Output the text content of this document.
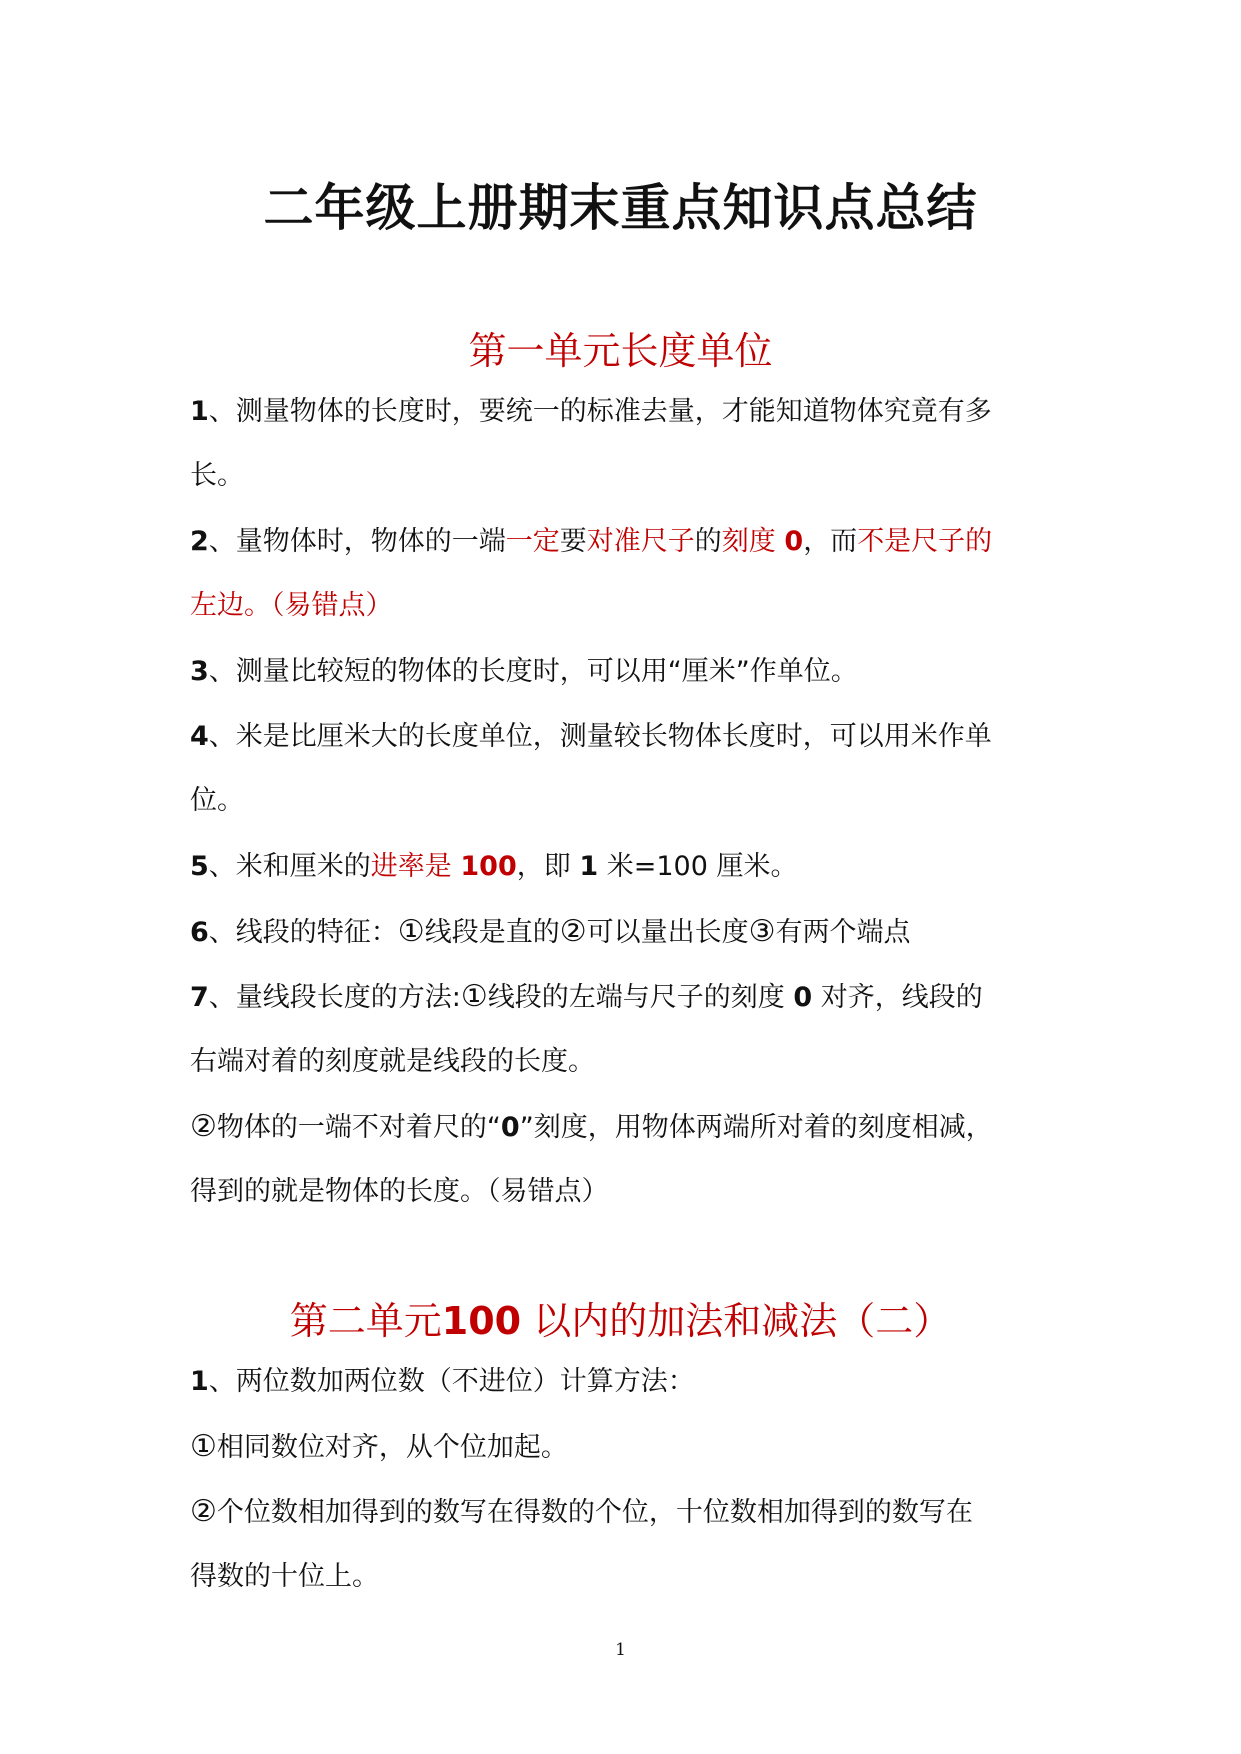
二年级上册期末重点知识点总结
第一单元长度单位

1、测量物体的长度时，要统一的标准去量，才能知道物体究竟有多
长。

2、量物体时，物体的一端一定要对准尺子的刻度 0，而不是尺子的
左边。（易错点）

3、测量比较短的物体的长度时，可以用“厘米”作单位。

4、米是比厘米大的长度单位，测量较长物体长度时，可以用米作单
位。

5、米和厘米的进率是 100，即 1 米=100 厘米。

6、线段的特征：①线段是直的②可以量出长度③有两个端点

7、量线段长度的方法:①线段的左端与尺子的刻度 0 对齐，线段的
右端对着的刻度就是线段的长度。

②物体的一端不对着尺的“0”刻度，用物体两端所对着的刻度相减，
得到的就是物体的长度。（易错点）

第二单元100 以内的加法和减法（二）

1、两位数加两位数（不进位）计算方法：

①相同数位对齐，从个位加起。

②个位数相加得到的数写在得数的个位，十位数相加得到的数写在
得数的十位上。

1
